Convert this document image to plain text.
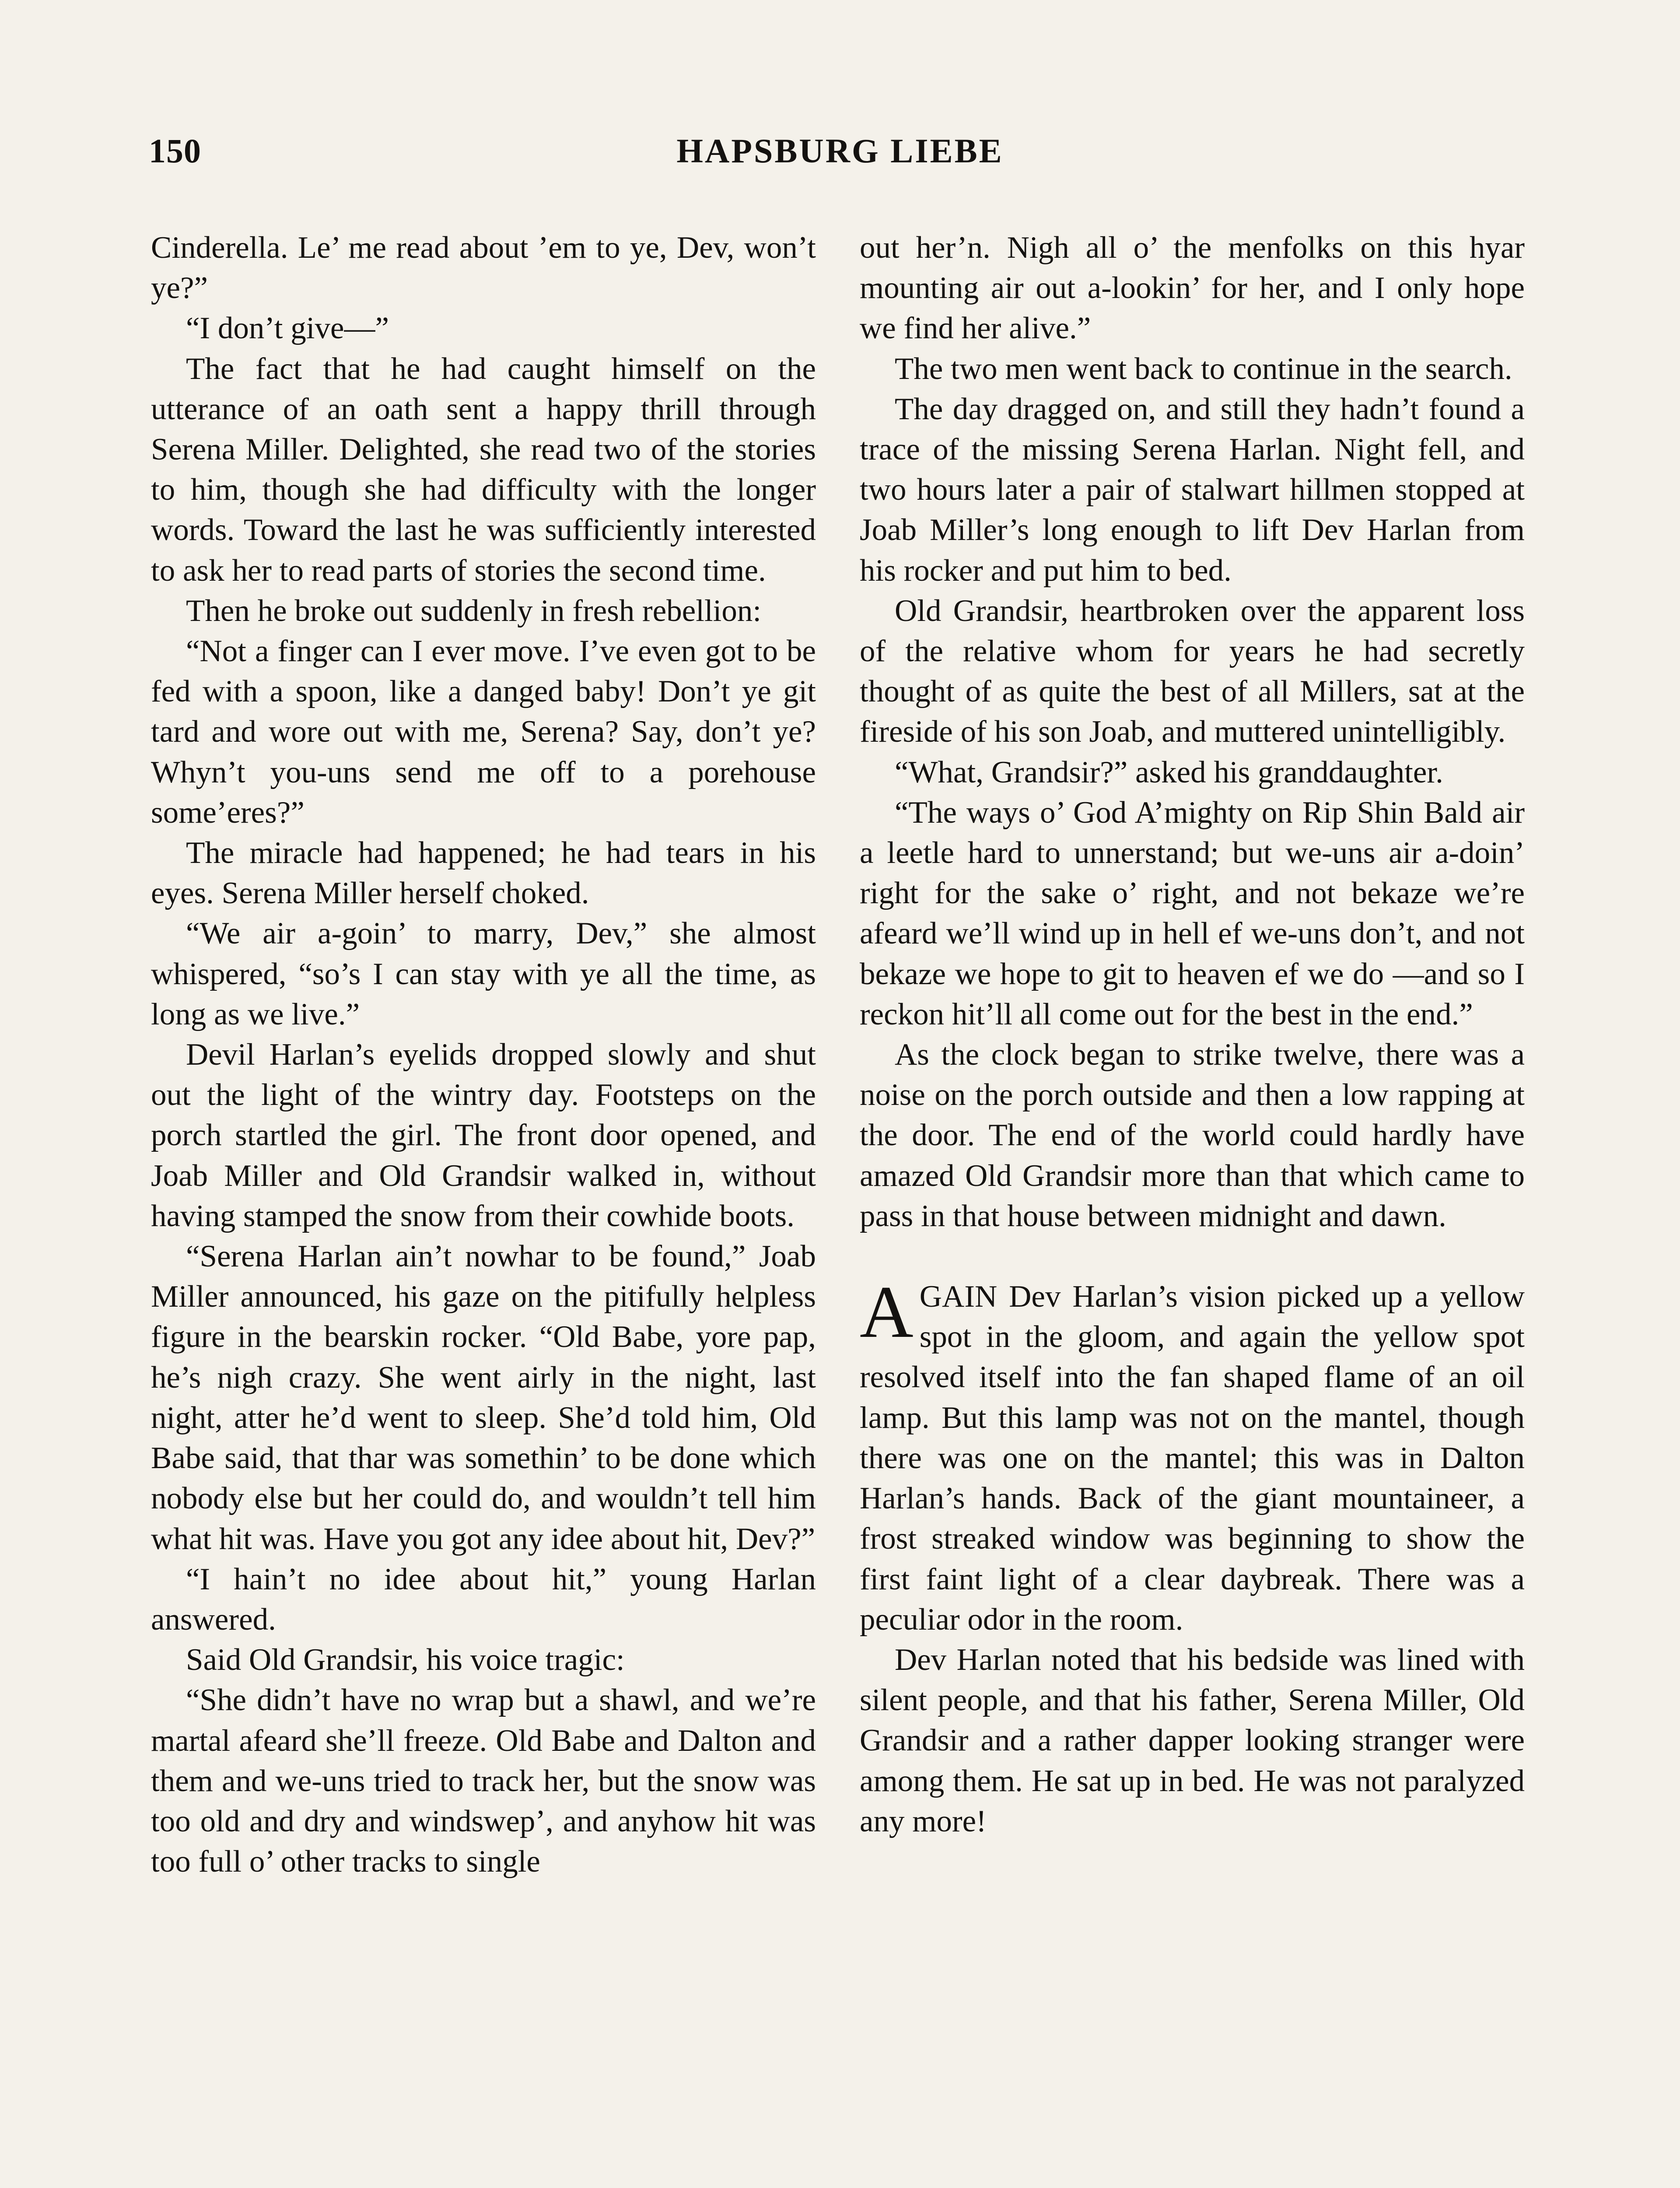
150	HAPSBURG LIEBE

Cinderella. Le’ me read about ’em to ye, Dev, won’t ye?”

“I don’t give—”

The fact that he had caught himself on the utterance of an oath sent a happy thrill through Serena Miller. Delighted, she read two of the stories to him, though she had difficulty with the longer words. Toward the last he was sufficiently interested to ask her to read parts of stories the second time.

Then he broke out suddenly in fresh rebellion:

“Not a finger can I ever move. I’ve even got to be fed with a spoon, like a danged baby! Don’t ye git tard and wore out with me, Serena? Say, don’t ye? Whyn’t you-uns send me off to a porehouse some’eres?”

The miracle had happened; he had tears in his eyes. Serena Miller herself choked.

“We air a-goin’ to marry, Dev,” she almost whispered, “so’s I can stay with ye all the time, as long as we live.”

Devil Harlan’s eyelids dropped slowly and shut out the light of the wintry day. Footsteps on the porch startled the girl. The front door opened, and Joab Miller and Old Grandsir walked in, without having stamped the snow from their cowhide boots.

“Serena Harlan ain’t nowhar to be found,” Joab Miller announced, his gaze on the pitifully helpless figure in the bearskin rocker. “Old Babe, yore pap, he’s nigh crazy. She went airly in the night, last night, atter he’d went to sleep. She’d told him, Old Babe said, that thar was somethin’ to be done which nobody else but her could do, and wouldn’t tell him what hit was. Have you got any idee about hit, Dev?”

“I hain’t no idee about hit,” young Harlan answered.

Said Old Grandsir, his voice tragic:

“She didn’t have no wrap but a shawl, and we’re martal afeard she’ll freeze. Old Babe and Dalton and them and we-uns tried to track her, but the snow was too old and dry and windswep’, and anyhow hit was too full o’ other tracks to single

out her’n. Nigh all o’ the menfolks on this hyar mounting air out a-lookin’ for her, and I only hope we find her alive.”

The two men went back to continue in the search.

The day dragged on, and still they hadn’t found a trace of the missing Serena Harlan. Night fell, and two hours later a pair of stalwart hillmen stopped at Joab Miller’s long enough to lift Dev Harlan from his rocker and put him to bed.

Old Grandsir, heartbroken over the apparent loss of the relative whom for years he had secretly thought of as quite the best of all Millers, sat at the fireside of his son Joab, and muttered unintelligibly.

“What, Grandsir?” asked his granddaughter.

“The ways o’ God A’mighty on Rip Shin Bald air a leetle hard to unnerstand; but we-uns air a-doin’ right for the sake o’ right, and not bekaze we’re afeard we’ll wind up in hell ef we-uns don’t, and not bekaze we hope to git to heaven ef we do —and so I reckon hit’ll all come out for the best in the end.”

As the clock began to strike twelve, there was a noise on the porch outside and then a low rapping at the door. The end of the world could hardly have amazed Old Grandsir more than that which came to pass in that house between midnight and dawn.

AGAIN Dev Harlan’s vision picked up a yellow spot in the gloom, and again the yellow spot resolved itself into the fan shaped flame of an oil lamp. But this lamp was not on the mantel, though there was one on the mantel; this was in Dalton Harlan’s hands. Back of the giant mountaineer, a frost streaked window was beginning to show the first faint light of a clear daybreak. There was a peculiar odor in the room.

Dev Harlan noted that his bedside was lined with silent people, and that his father, Serena Miller, Old Grandsir and a rather dapper looking stranger were among them. He sat up in bed. He was not paralyzed any more!
